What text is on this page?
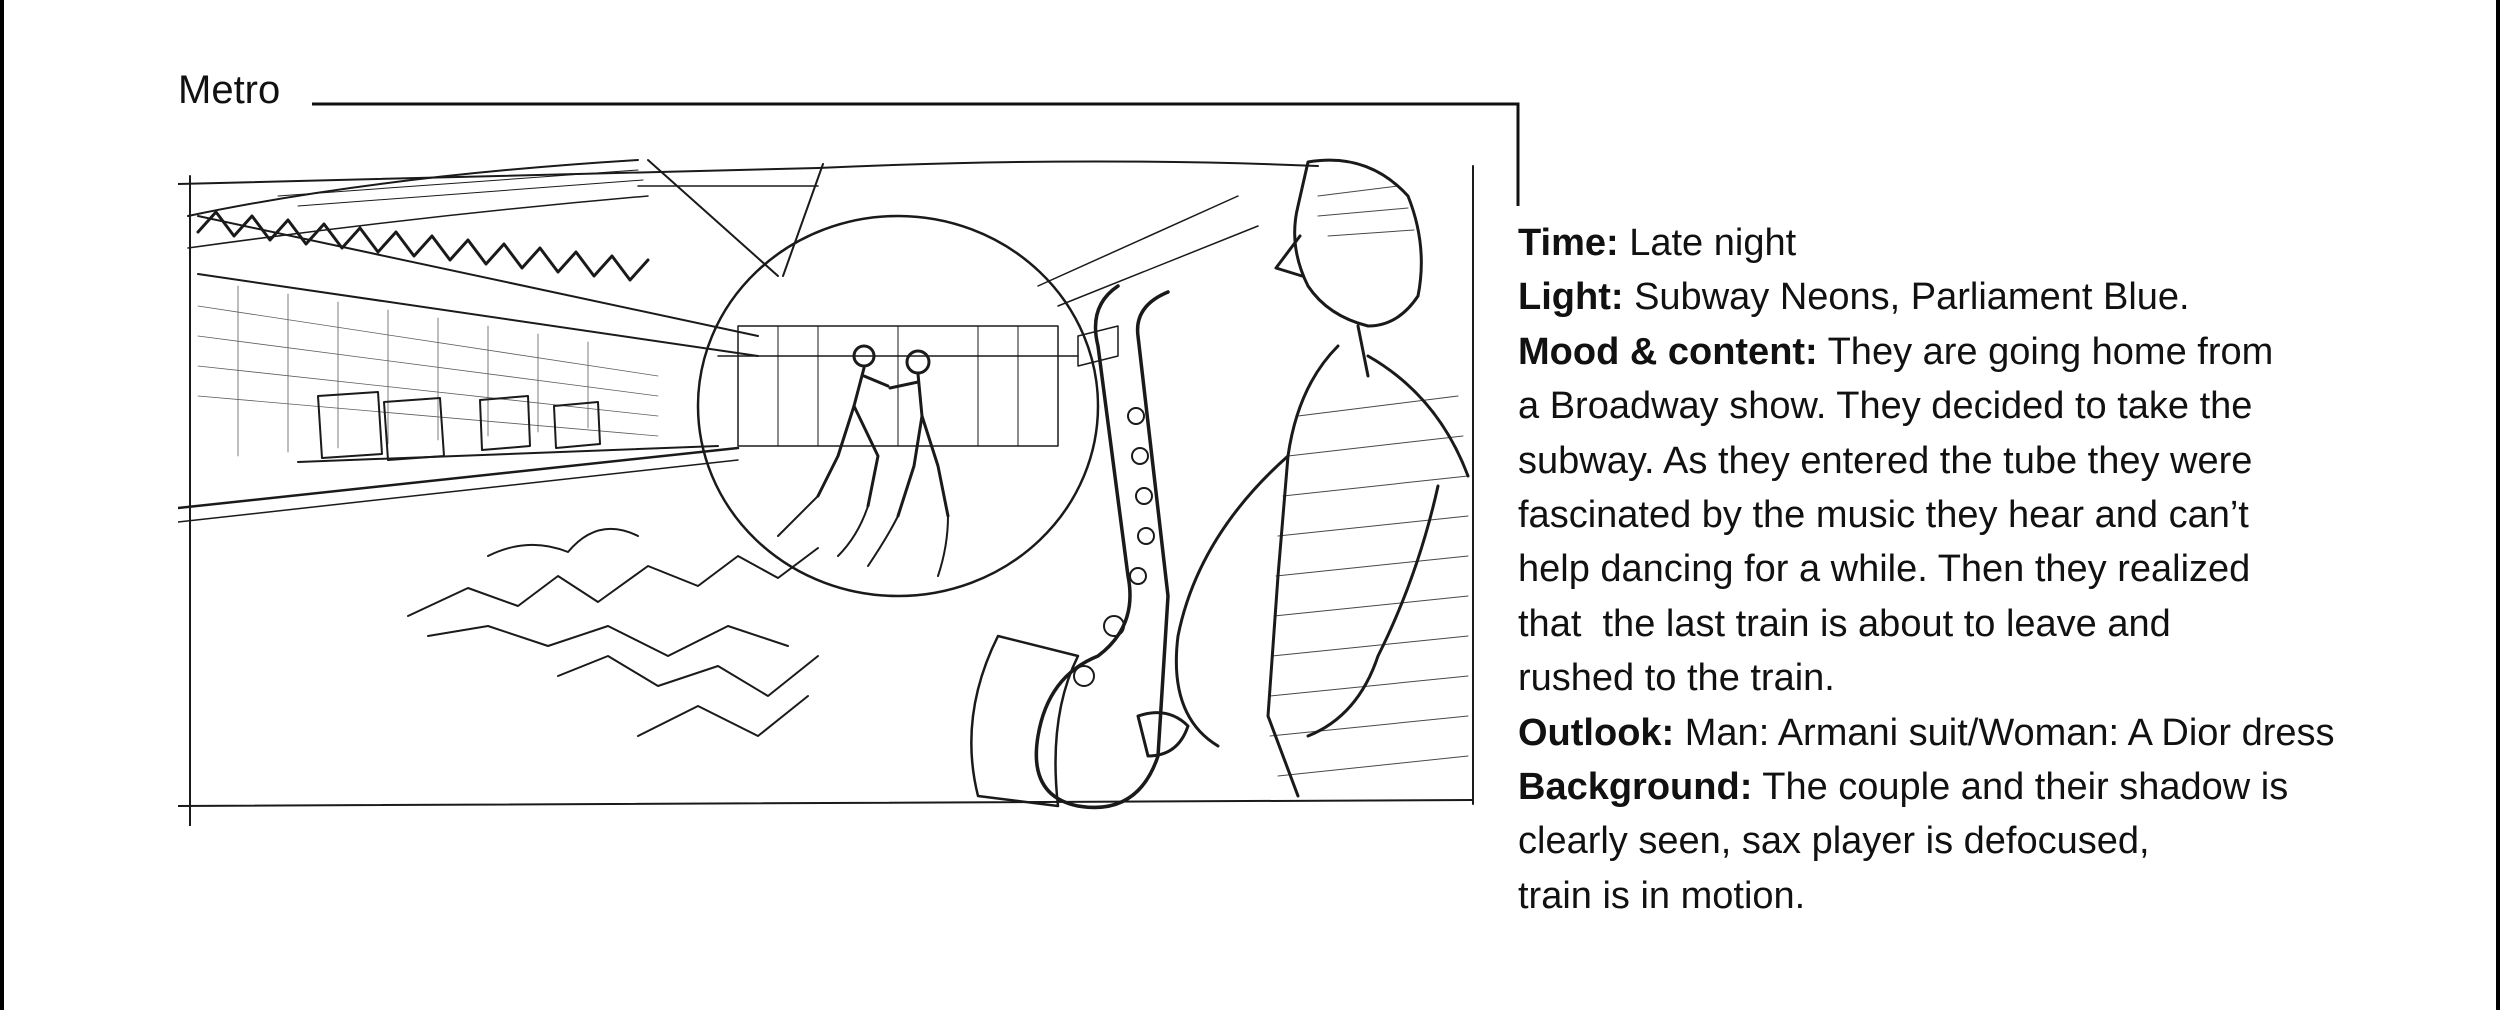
Metro

Time: Late night

Light: Subway Neons, Parliament Blue.

Mood & content: They are going home from

a Broadway show. They decided to take the

subway. As they entered the tube they were

fascinated by the music they hear and can’t

help dancing for a while. Then they realized

that  the last train is about to leave and

rushed to the train.

Outlook: Man: Armani suit/Woman: A Dior dress

Background: The couple and their shadow is

clearly seen, sax player is defocused,

train is in motion.
